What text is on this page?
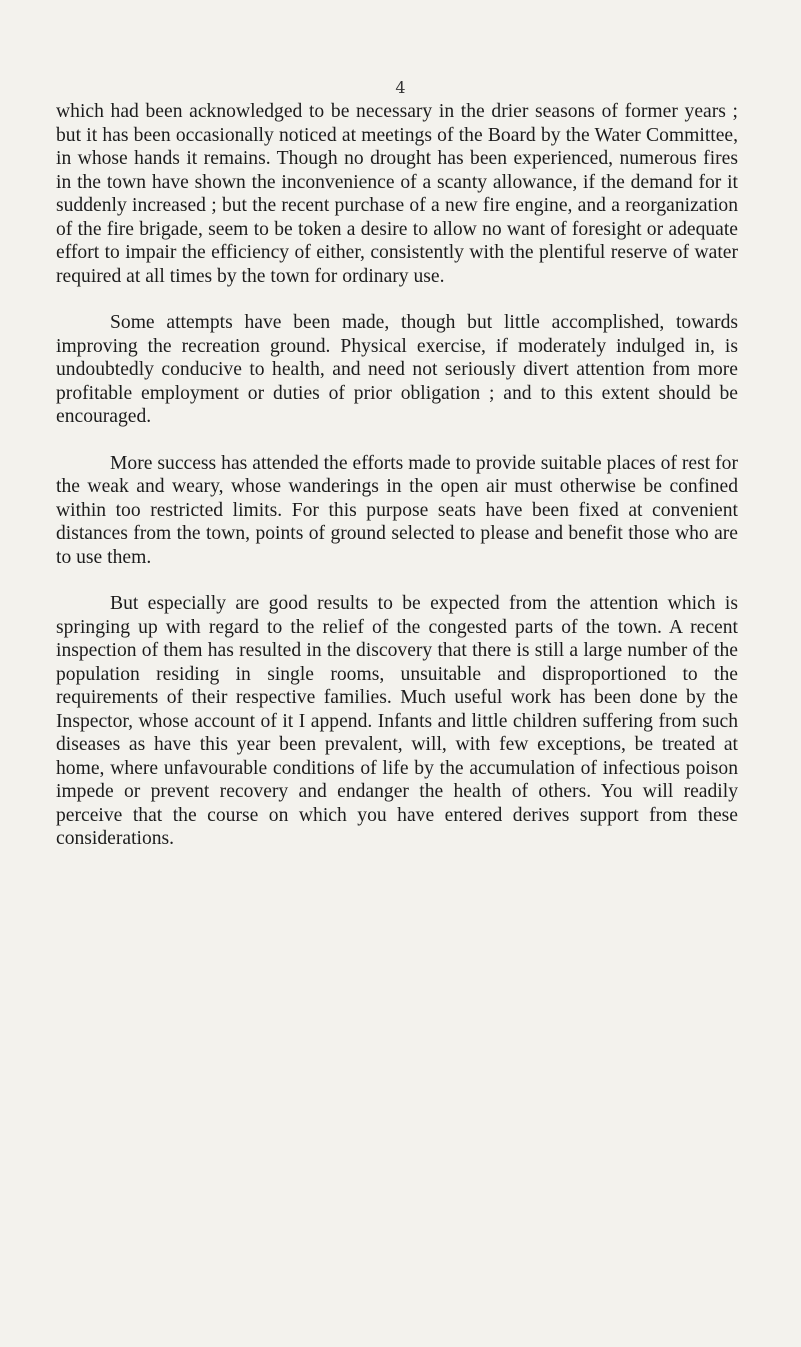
4

which had been acknowledged to be necessary in the drier seasons of former years ; but it has been occasionally noticed at meetings of the Board by the Water Committee, in whose hands it remains. Though no drought has been experienced, numerous fires in the town have shown the inconvenience of a scanty allowance, if the demand for it suddenly increased ; but the recent purchase of a new fire engine, and a reorganization of the fire brigade, seem to be token a desire to allow no want of foresight or adequate effort to impair the efficiency of either, consistently with the plentiful reserve of water required at all times by the town for ordinary use.

Some attempts have been made, though but little accomplished, towards improving the recreation ground. Physical exercise, if moderately indulged in, is undoubtedly conducive to health, and need not seriously divert attention from more profitable employment or duties of prior obligation ; and to this extent should be encouraged.

More success has attended the efforts made to provide suitable places of rest for the weak and weary, whose wanderings in the open air must otherwise be confined within too restricted limits. For this purpose seats have been fixed at convenient distances from the town, points of ground selected to please and benefit those who are to use them.

But especially are good results to be expected from the attention which is springing up with regard to the relief of the congested parts of the town. A recent inspection of them has resulted in the discovery that there is still a large number of the population residing in single rooms, unsuitable and disproportioned to the requirements of their respective families. Much useful work has been done by the Inspector, whose account of it I append. Infants and little children suffering from such diseases as have this year been prevalent, will, with few exceptions, be treated at home, where unfavourable conditions of life by the accumulation of infectious poison impede or prevent recovery and endanger the health of others. You will readily perceive that the course on which you have entered derives support from these considerations.
